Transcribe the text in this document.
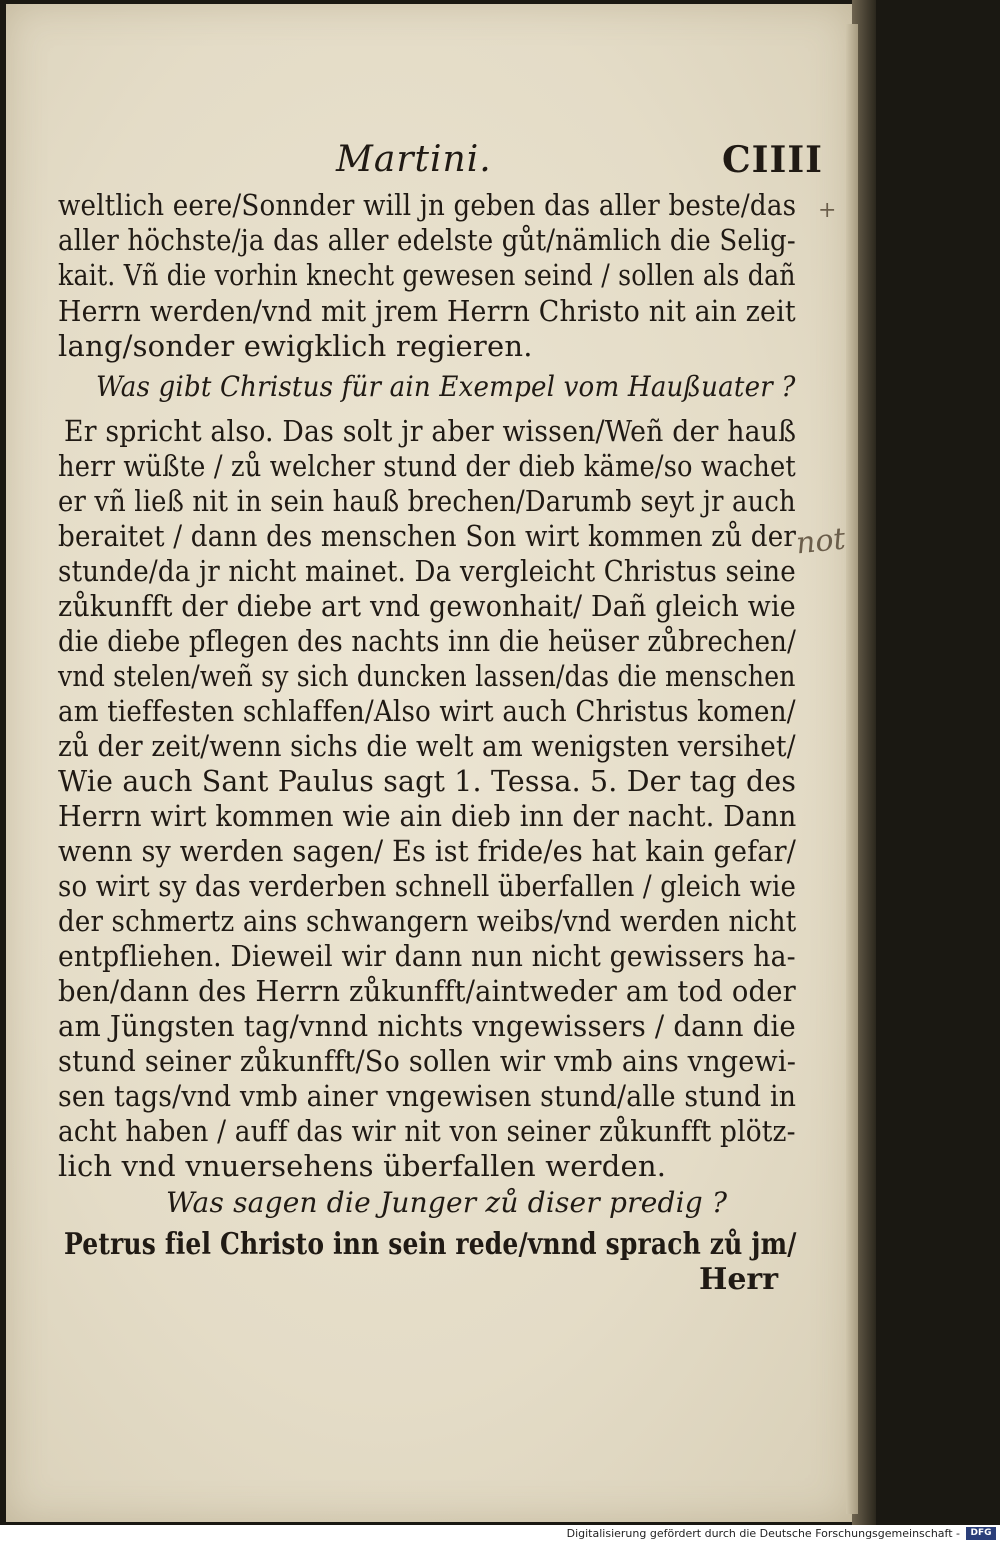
Martini.	CIIII
weltlich eere/Sonnder will jn geben das aller beste/das
aller höchste/ja das aller edelste gůt/nämlich die Selig-
kait. Vñ die vorhin knecht gewesen seind / sollen als dañ
Herrn werden/vnd mit jrem Herrn Christo nit ain zeit
lang/sonder ewigklich regieren.
Was gibt Christus für ain Exempel vom Haußuater ?
Er spricht also. Das solt jr aber wissen/Weñ der hauß
herr wüßte / zů welcher stund der dieb käme/so wachet
er vñ ließ nit in sein hauß brechen/Darumb seyt jr auch
beraitet / dann des menschen Son wirt kommen zů der
stunde/da jr nicht mainet. Da vergleicht Christus seine
zůkunfft der diebe art vnd gewonhait/ Dañ gleich wie
die diebe pflegen des nachts inn die heüser zůbrechen/
vnd stelen/weñ sy sich duncken lassen/das die menschen
am tieffesten schlaffen/Also wirt auch Christus komen/
zů der zeit/wenn sichs die welt am wenigsten versihet/
Wie auch Sant Paulus sagt 1. Tessa. 5. Der tag des
Herrn wirt kommen wie ain dieb inn der nacht. Dann
wenn sy werden sagen/ Es ist fride/es hat kain gefar/
so wirt sy das verderben schnell überfallen / gleich wie
der schmertz ains schwangern weibs/vnd werden nicht
entpfliehen. Dieweil wir dann nun nicht gewissers ha-
ben/dann des Herrn zůkunfft/aintweder am tod oder
am Jüngsten tag/vnnd nichts vngewissers / dann die
stund seiner zůkunfft/So sollen wir vmb ains vngewi-
sen tags/vnd vmb ainer vngewisen stund/alle stund in
acht haben / auff das wir nit von seiner zůkunfft plötz-
lich vnd vnuersehens überfallen werden.
Was sagen die Junger zů diser predig ?
Petrus fiel Christo inn sein rede/vnnd sprach zů jm/
Herr
not
+
Digitalisierung gefördert durch die Deutsche Forschungsgemeinschaft -	DFG
